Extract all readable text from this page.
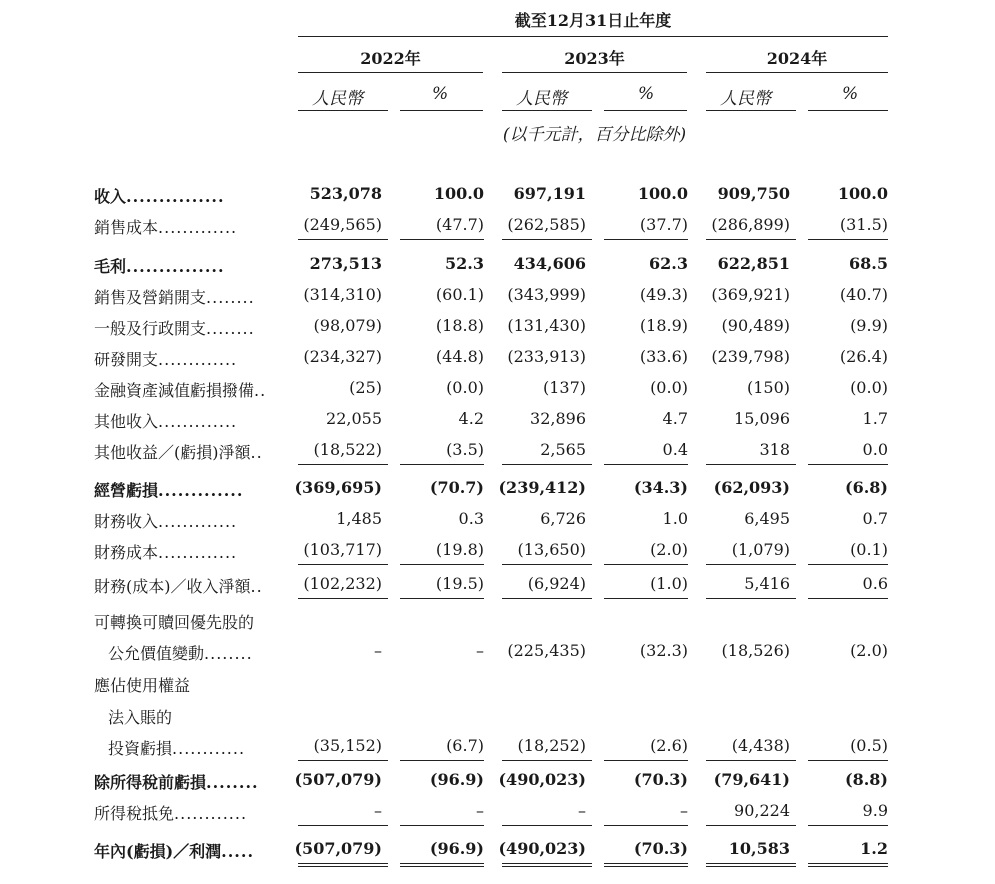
截至12月31日止年度
2022年	2023年	2024年
人民幣	%	人民幣	%	人民幣	%
(以千元計，百分比除外)
收入...............	523,078	100.0 697,191	100.0 909,750	100.0
銷售成本.............	(249,565)	(47.7) (262,585)	(37.7) (286,899)	(31.5)
毛利...............	273,513	52.3 434,606	62.3 622,851	68.5
銷售及營銷開支........	(314,310)	(60.1) (343,999)	(49.3) (369,921)	(40.7)
一般及行政開支........	(98,079)	(18.8) (131,430)	(18.9) (90,489)	(9.9)
研發開支.............	(234,327)	(44.8) (233,913)	(33.6) (239,798)	(26.4)
金融資產減值虧損撥備..	(25)	(0.0)	(137)	(0.0)	(150)	(0.0)
其他收入.............	22,055	4.2	32,896	4.7	15,096	1.7
其他收益／(虧損)淨額..	(18,522)	(3.5)	2,565	0.4	318	0.0
經營虧損.............	(369,695)	(70.7) (239,412)	(34.3) (62,093)	(6.8)
財務收入.............	1,485	0.3	6,726	1.0	6,495	0.7
財務成本.............	(103,717)	(19.8) (13,650)	(2.0)	(1,079)	(0.1)
財務(成本)／收入淨額..	(102,232)	(19.5)	(6,924)	(1.0)	5,416	0.6
可轉換可贖回優先股的
公允價值變動........	–	– (225,435)	(32.3) (18,526)	(2.0)
應佔使用權益
法入賬的
投資虧損............	(35,152)	(6.7) (18,252)	(2.6)	(4,438)	(0.5)
除所得稅前虧損........ (507,079)	(96.9) (490,023)	(70.3) (79,641)	(8.8)
所得稅抵免............	–	–	–	–	90,224	9.9
年內(虧損)／利潤.....	(507,079)	(96.9) (490,023)	(70.3)	10,583	1.2
